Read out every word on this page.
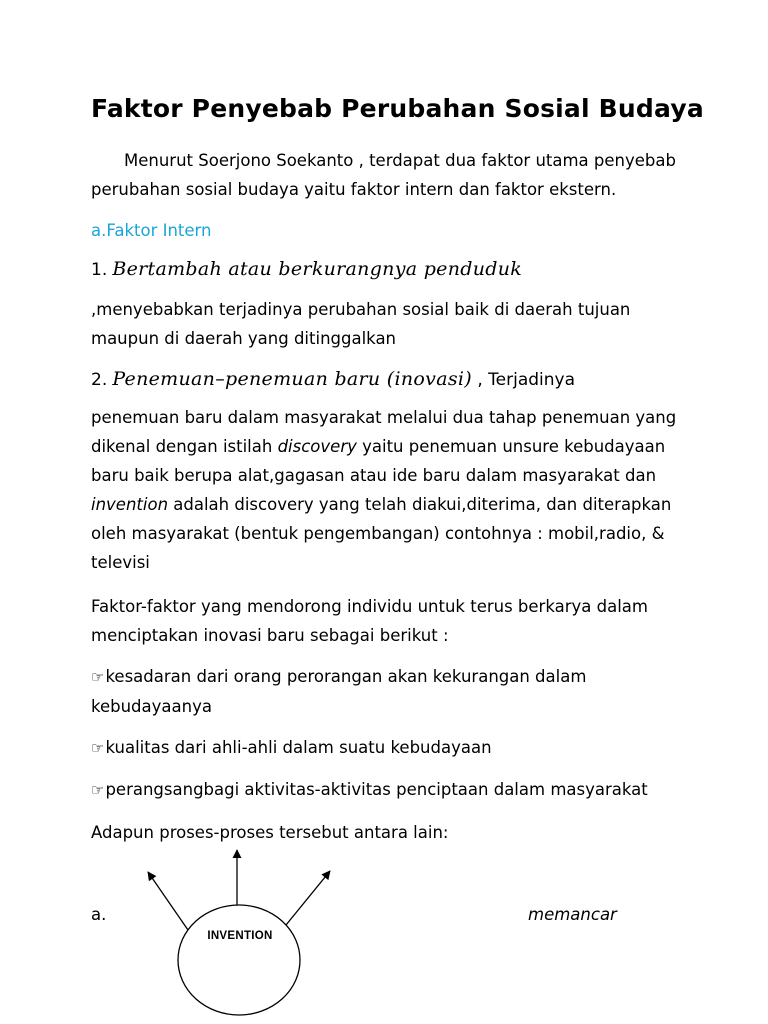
Faktor Penyebab Perubahan Sosial Budaya
Menurut Soerjono Soekanto , terdapat dua faktor utama penyebab
perubahan sosial budaya yaitu faktor intern dan faktor ekstern.
a.Faktor Intern
1. Bertambah atau berkurangnya penduduk
,menyebabkan terjadinya perubahan sosial baik di daerah tujuan
maupun di daerah yang ditinggalkan
2. Penemuan–penemuan baru (inovasi) , Terjadinya
penemuan baru dalam masyarakat melalui dua tahap penemuan yang
dikenal dengan istilah discovery yaitu penemuan unsure kebudayaan
baru baik berupa alat,gagasan atau ide baru dalam masyarakat dan
invention adalah discovery yang telah diakui,diterima, dan diterapkan
oleh masyarakat (bentuk pengembangan) contohnya : mobil,radio, &
televisi
Faktor-faktor yang mendorong individu untuk terus berkarya dalam
menciptakan inovasi baru sebagai berikut :
☞kesadaran dari orang perorangan akan kekurangan dalam
kebudayaanya
☞kualitas dari ahli-ahli dalam suatu kebudayaan
☞perangsangbagi aktivitas-aktivitas penciptaan dalam masyarakat
Adapun proses-proses tersebut antara lain:
a.	memancar
INVENTION
